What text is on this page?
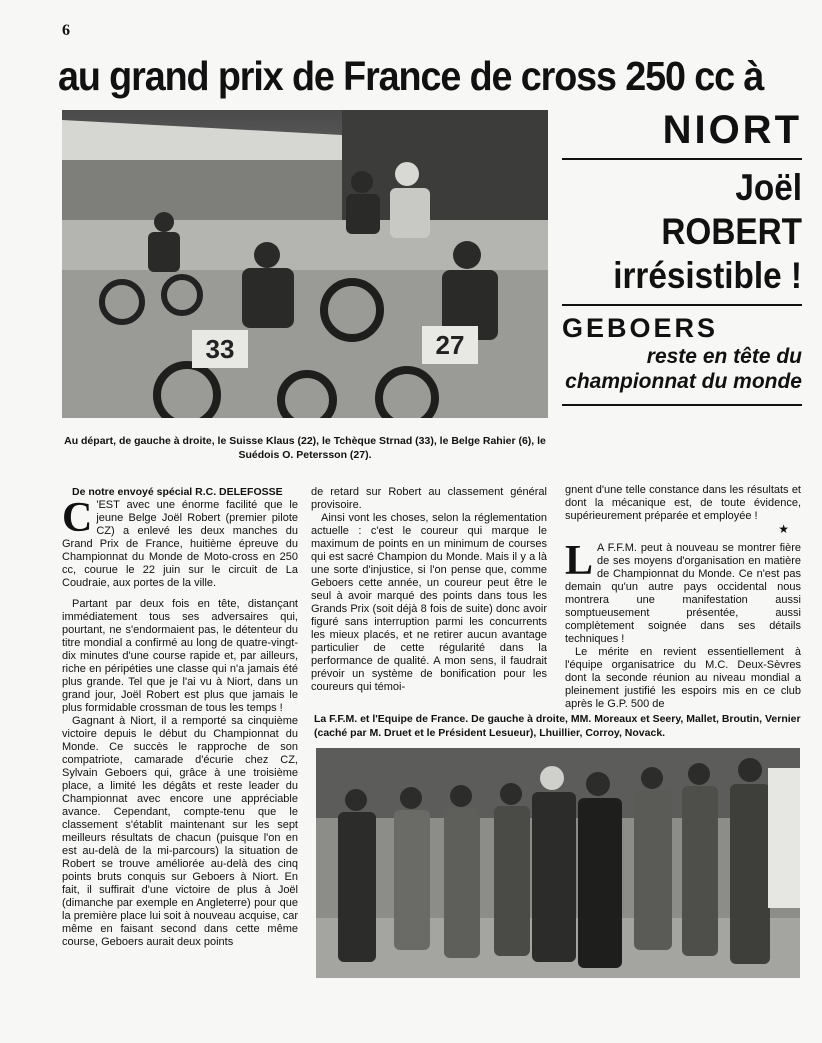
6
au grand prix de France de cross 250 cc à
33	27
NIORT
Joël ROBERT irrésistible !
GEBOERS
reste en tête du championnat du monde
Au départ, de gauche à droite, le Suisse Klaus (22), le Tchèque Strnad (33), le Belge Rahier (6), le Suédois O. Petersson (27).

De notre envoyé spécial R.C. DELEFOSSE

C 'EST avec une énorme facilité que le jeune Belge Joël Robert (premier pilote CZ) a enlevé les deux manches du Grand Prix de France, huitième épreuve du Championnat du Monde de Moto-cross en 250 cc, courue le 22 juin sur le circuit de La Coudraie, aux portes de la ville.

Partant par deux fois en tête, distançant immédiatement tous ses adversaires qui, pourtant, ne s'endormaient pas, le détenteur du titre mondial a confirmé au long de quatre-vingt-dix minutes d'une course rapide et, par ailleurs, riche en péripéties une classe qui n'a jamais été plus grande. Tel que je l'ai vu à Niort, dans un grand jour, Joël Robert est plus que jamais le plus formidable crossman de tous les temps !

Gagnant à Niort, il a remporté sa cinquième victoire depuis le début du Championnat du Monde. Ce succès le rapproche de son compatriote, camarade d'écurie chez CZ, Sylvain Geboers qui, grâce à une troisième place, a limité les dégâts et reste leader du Championnat avec encore une appréciable avance. Cependant, compte-tenu que le classement s'établit maintenant sur les sept meilleurs résultats de chacun (puisque l'on en est au-delà de la mi-parcours) la situation de Robert se trouve améliorée au-delà des cinq points bruts conquis sur Geboers à Niort. En fait, il suffirait d'une victoire de plus à Joël (dimanche par exemple en Angleterre) pour que la première place lui soit à nouveau acquise, car même en faisant second dans cette même course, Geboers aurait deux points

de retard sur Robert au classement général provisoire.

Ainsi vont les choses, selon la réglementation actuelle : c'est le coureur qui marque le maximum de points en un minimum de courses qui est sacré Champion du Monde. Mais il y a là une sorte d'injustice, si l'on pense que, comme Geboers cette année, un coureur peut être le seul à avoir marqué des points dans tous les Grands Prix (soit déjà 8 fois de suite) donc avoir figuré sans interruption parmi les concurrents les mieux placés, et ne retirer aucun avantage particulier de cette régularité dans la performance de qualité. A mon sens, il faudrait prévoir un système de bonification pour les coureurs qui témoi-

gnent d'une telle constance dans les résultats et dont la mécanique est, de toute évidence, supérieurement préparée et employée !

★

L A F.F.M. peut à nouveau se montrer fière de ses moyens d'organisation en matière de Championnat du Monde. Ce n'est pas demain qu'un autre pays occidental nous montrera une manifestation aussi somptueusement présentée, aussi complètement soignée dans ses détails techniques !

Le mérite en revient essentiellement à l'équipe organisatrice du M.C. Deux-Sèvres dont la seconde réunion au niveau mondial a pleinement justifié les espoirs mis en ce club après le G.P. 500 de

La F.F.M. et l'Equipe de France. De gauche à droite, MM. Moreaux et Seery, Mallet, Broutin, Vernier (caché par M. Druet et le Président Lesueur), Lhuillier, Corroy, Novack.
